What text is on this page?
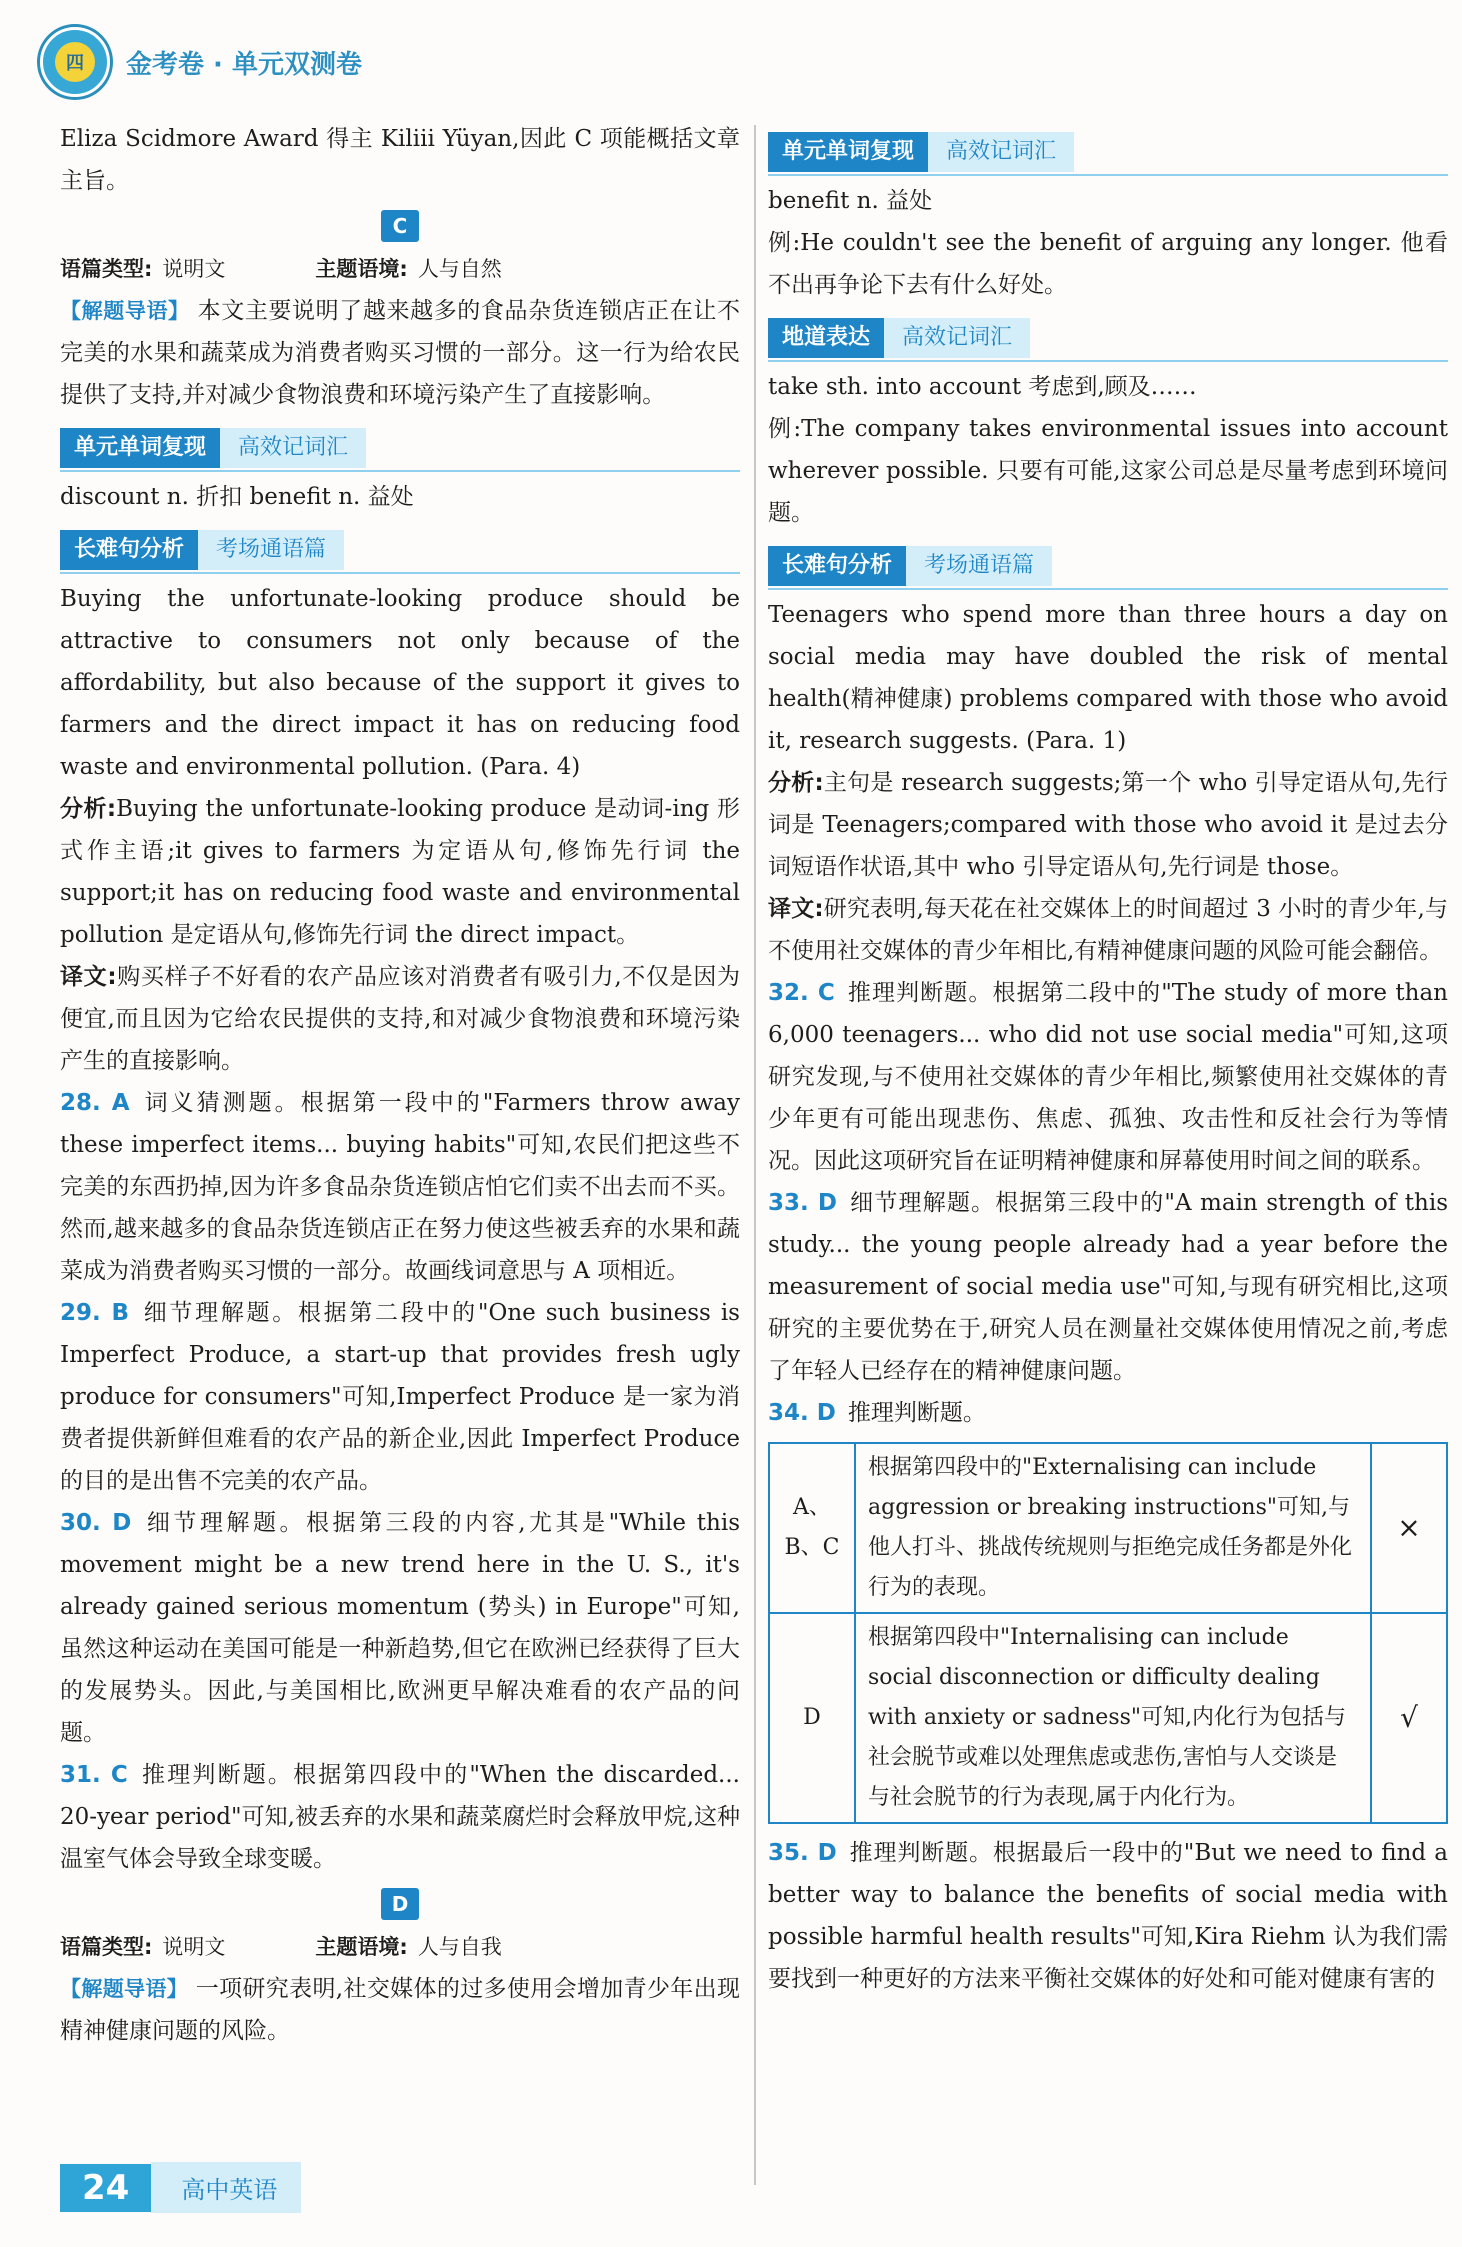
四	金考卷 · 单元双测卷

Eliza Scidmore Award 得主 Kiliii Yüyan,因此 C 项能概括文章主旨。

C
语篇类型: 说明文	主题语境: 人与自然

【解题导语】 本文主要说明了越来越多的食品杂货连锁店正在让不完美的水果和蔬菜成为消费者购买习惯的一部分。这一行为给农民提供了支持,并对减少食物浪费和环境污染产生了直接影响。

单元单词复现	高效记词汇

discount n. 折扣 benefit n. 益处

长难句分析	考场通语篇

Buying the unfortunate-looking produce should be attractive to consumers not only because of the affordability, but also because of the support it gives to farmers and the direct impact it has on reducing food waste and environmental pollution. (Para. 4)

分析:Buying the unfortunate-looking produce 是动词-ing 形式作主语;it gives to farmers 为定语从句,修饰先行词 the support;it has on reducing food waste and environmental pollution 是定语从句,修饰先行词 the direct impact。

译文:购买样子不好看的农产品应该对消费者有吸引力,不仅是因为便宜,而且因为它给农民提供的支持,和对减少食物浪费和环境污染产生的直接影响。

28. A 词义猜测题。根据第一段中的"Farmers throw away these imperfect items... buying habits"可知,农民们把这些不完美的东西扔掉,因为许多食品杂货连锁店怕它们卖不出去而不买。然而,越来越多的食品杂货连锁店正在努力使这些被丢弃的水果和蔬菜成为消费者购买习惯的一部分。故画线词意思与 A 项相近。

29. B 细节理解题。根据第二段中的"One such business is Imperfect Produce, a start-up that provides fresh ugly produce for consumers"可知,Imperfect Produce 是一家为消费者提供新鲜但难看的农产品的新企业,因此 Imperfect Produce 的目的是出售不完美的农产品。

30. D 细节理解题。根据第三段的内容,尤其是"While this movement might be a new trend here in the U. S., it's already gained serious momentum (势头) in Europe"可知,虽然这种运动在美国可能是一种新趋势,但它在欧洲已经获得了巨大的发展势头。因此,与美国相比,欧洲更早解决难看的农产品的问题。

31. C 推理判断题。根据第四段中的"When the discarded... 20-year period"可知,被丢弃的水果和蔬菜腐烂时会释放甲烷,这种温室气体会导致全球变暖。

D
语篇类型: 说明文	主题语境: 人与自我

【解题导语】 一项研究表明,社交媒体的过多使用会增加青少年出现精神健康问题的风险。

单元单词复现	高效记词汇

benefit n. 益处

例:He couldn't see the benefit of arguing any longer. 他看不出再争论下去有什么好处。

地道表达	高效记词汇

take sth. into account 考虑到,顾及……

例:The company takes environmental issues into account wherever possible. 只要有可能,这家公司总是尽量考虑到环境问题。

长难句分析	考场通语篇

Teenagers who spend more than three hours a day on social media may have doubled the risk of mental health(精神健康) problems compared with those who avoid it, research suggests. (Para. 1)

分析:主句是 research suggests;第一个 who 引导定语从句,先行词是 Teenagers;compared with those who avoid it 是过去分词短语作状语,其中 who 引导定语从句,先行词是 those。

译文:研究表明,每天花在社交媒体上的时间超过 3 小时的青少年,与不使用社交媒体的青少年相比,有精神健康问题的风险可能会翻倍。

32. C 推理判断题。根据第二段中的"The study of more than 6,000 teenagers... who did not use social media"可知,这项研究发现,与不使用社交媒体的青少年相比,频繁使用社交媒体的青少年更有可能出现悲伤、焦虑、孤独、攻击性和反社会行为等情况。因此这项研究旨在证明精神健康和屏幕使用时间之间的联系。

33. D 细节理解题。根据第三段中的"A main strength of this study... the young people already had a year before the measurement of social media use"可知,与现有研究相比,这项研究的主要优势在于,研究人员在测量社交媒体使用情况之前,考虑了年轻人已经存在的精神健康问题。

34. D 推理判断题。

A、B、C	根据第四段中的"Externalising can include aggression or breaking instructions"可知,与他人打斗、挑战传统规则与拒绝完成任务都是外化行为的表现。	×
D	根据第四段中"Internalising can include social disconnection or difficulty dealing with anxiety or sadness"可知,内化行为包括与社会脱节或难以处理焦虑或悲伤,害怕与人交谈是与社会脱节的行为表现,属于内化行为。	√

35. D 推理判断题。根据最后一段中的"But we need to find a better way to balance the benefits of social media with possible harmful health results"可知,Kira Riehm 认为我们需要找到一种更好的方法来平衡社交媒体的好处和可能对健康有害的

24	高中英语
